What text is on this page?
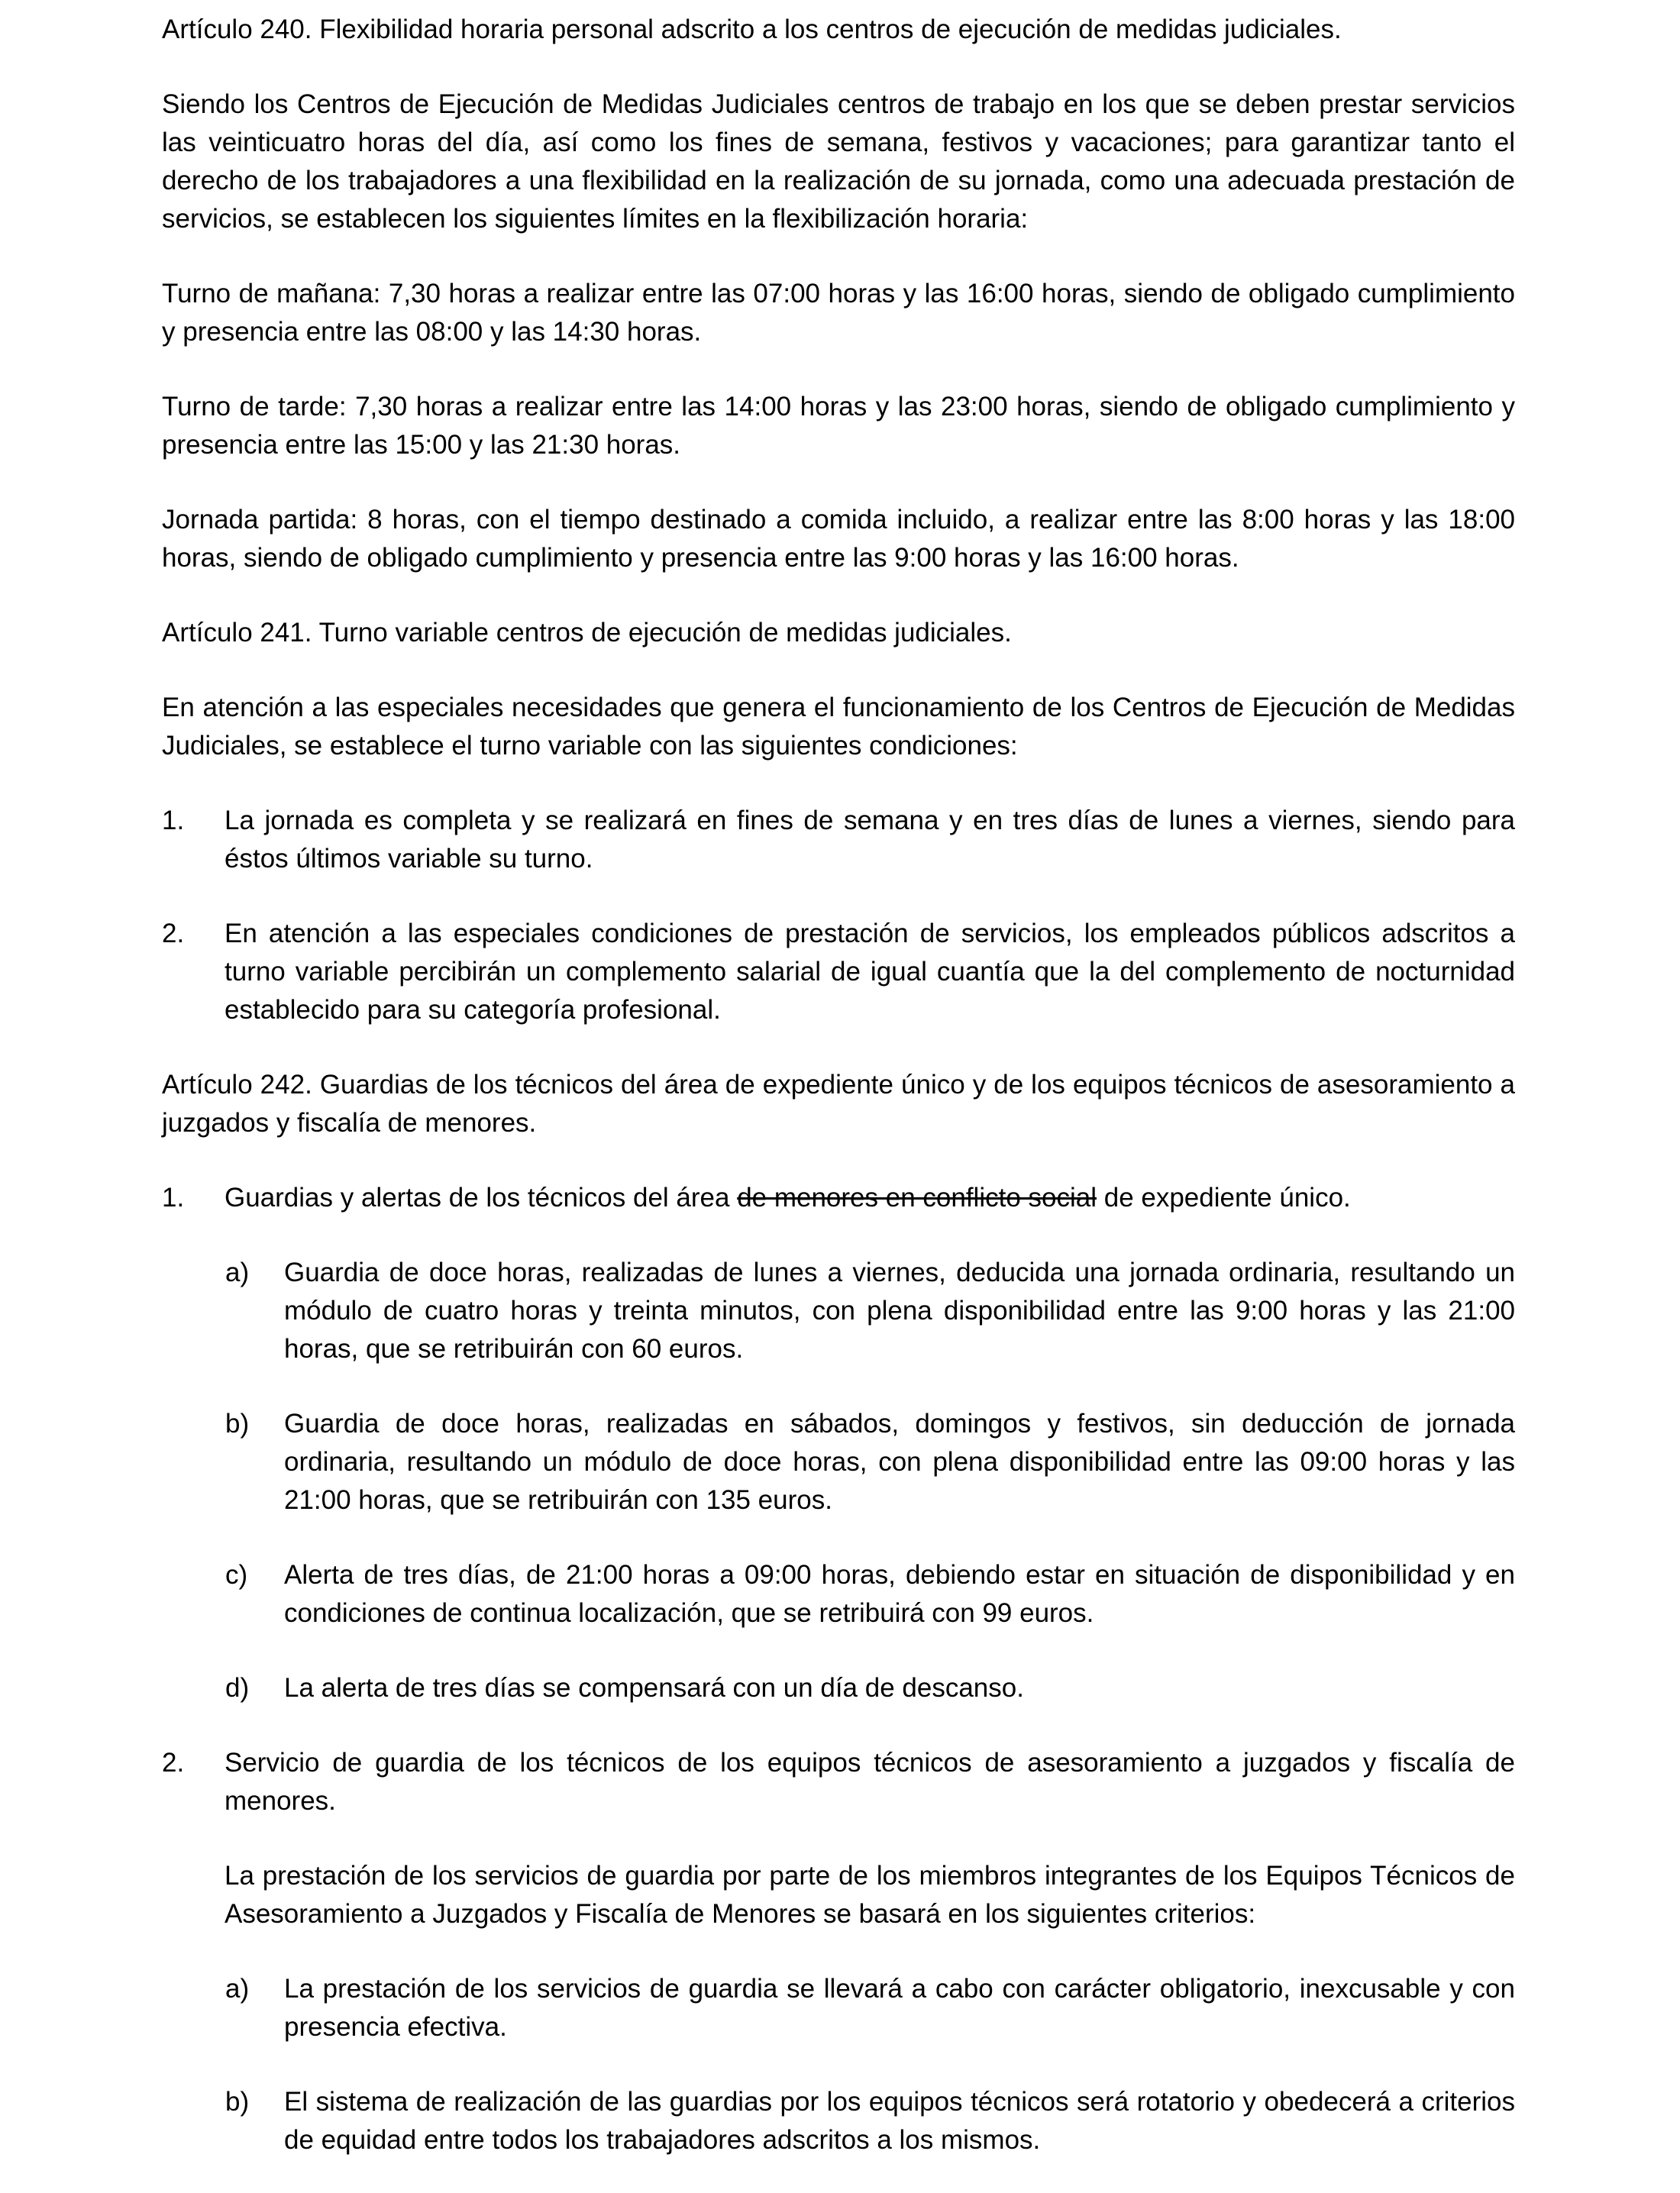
Artículo 240. Flexibilidad horaria personal adscrito a los centros de ejecución de medidas judiciales.

Siendo los Centros de Ejecución de Medidas Judiciales centros de trabajo en los que se deben prestar servicios las veinticuatro horas del día, así como los fines de semana, festivos y vacaciones; para garantizar tanto el derecho de los trabajadores a una flexibilidad en la realización de su jornada, como una adecuada prestación de servicios, se establecen los siguientes límites en la flexibilización horaria:

Turno de mañana: 7,30 horas a realizar entre las 07:00 horas y las 16:00 horas, siendo de obligado cumplimiento y presencia entre las 08:00 y las 14:30 horas.

Turno de tarde: 7,30 horas a realizar entre las 14:00 horas y las 23:00 horas, siendo de obligado cumplimiento y presencia entre las 15:00 y las 21:30 horas.

Jornada partida: 8 horas, con el tiempo destinado a comida incluido, a realizar entre las 8:00 horas y las 18:00 horas, siendo de obligado cumplimiento y presencia entre las 9:00 horas y las 16:00 horas.

Artículo 241. Turno variable centros de ejecución de medidas judiciales.

En atención a las especiales necesidades que genera el funcionamiento de los Centros de Ejecución de Medidas Judiciales, se establece el turno variable con las siguientes condiciones:

1. La jornada es completa y se realizará en fines de semana y en tres días de lunes a viernes, siendo para éstos últimos variable su turno.

2. En atención a las especiales condiciones de prestación de servicios, los empleados públicos adscritos a turno variable percibirán un complemento salarial de igual cuantía que la del complemento de nocturnidad establecido para su categoría profesional.

Artículo 242. Guardias de los técnicos del área de expediente único y de los equipos técnicos de asesoramiento a juzgados y fiscalía de menores.

1. Guardias y alertas de los técnicos del área de menores en conflicto social de expediente único.

a) Guardia de doce horas, realizadas de lunes a viernes, deducida una jornada ordinaria, resultando un módulo de cuatro horas y treinta minutos, con plena disponibilidad entre las 9:00 horas y las 21:00 horas, que se retribuirán con 60 euros.

b) Guardia de doce horas, realizadas en sábados, domingos y festivos, sin deducción de jornada ordinaria, resultando un módulo de doce horas, con plena disponibilidad entre las 09:00 horas y las 21:00 horas, que se retribuirán con 135 euros.

c) Alerta de tres días, de 21:00 horas a 09:00 horas, debiendo estar en situación de disponibilidad y en condiciones de continua localización, que se retribuirá con 99 euros.

d) La alerta de tres días se compensará con un día de descanso.

2. Servicio de guardia de los técnicos de los equipos técnicos de asesoramiento a juzgados y fiscalía de menores.

La prestación de los servicios de guardia por parte de los miembros integrantes de los Equipos Técnicos de Asesoramiento a Juzgados y Fiscalía de Menores se basará en los siguientes criterios:

a) La prestación de los servicios de guardia se llevará a cabo con carácter obligatorio, inexcusable y con presencia efectiva.

b) El sistema de realización de las guardias por los equipos técnicos será rotatorio y obedecerá a criterios de equidad entre todos los trabajadores adscritos a los mismos.
